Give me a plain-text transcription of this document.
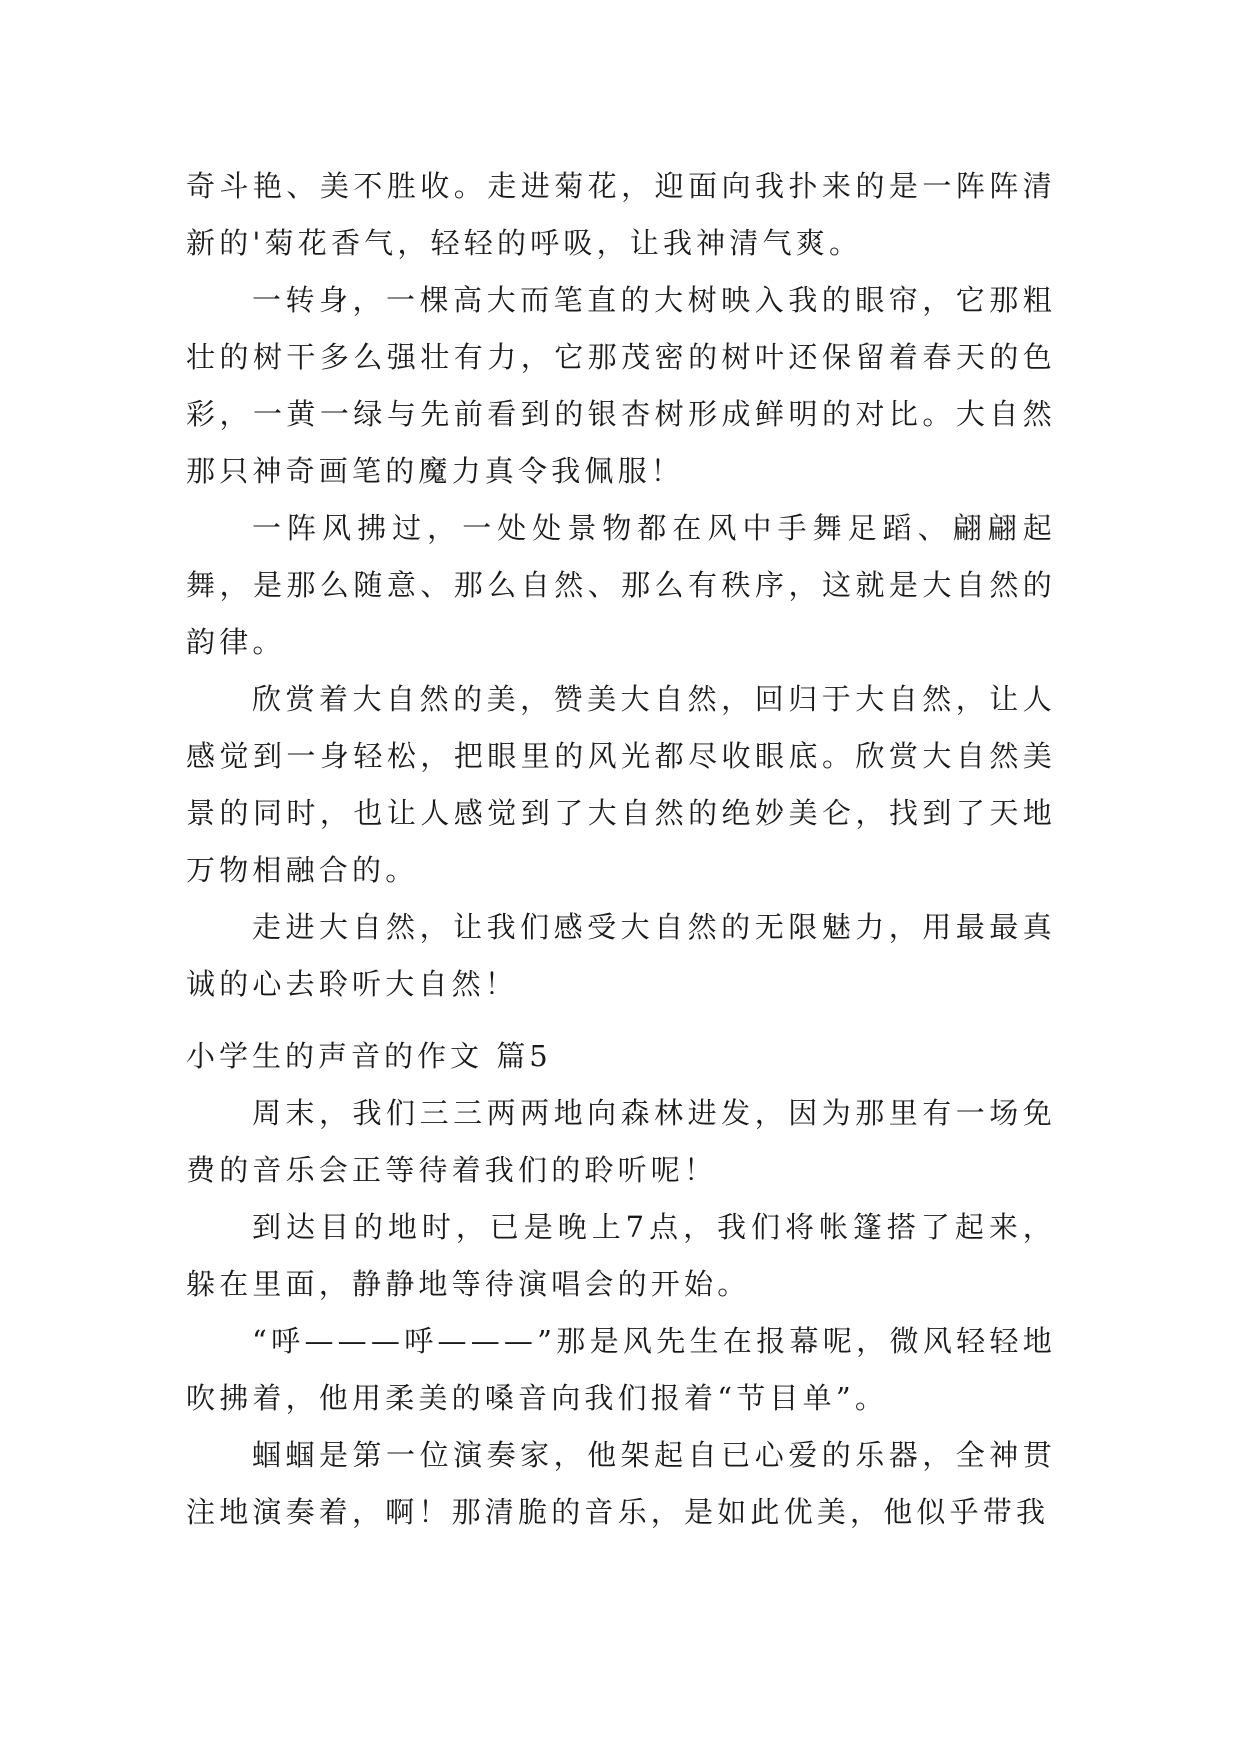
奇斗艳、美不胜收。走进菊花，迎面向我扑来的是一阵阵清新的'菊花香气，轻轻的呼吸，让我神清气爽。

一转身，一棵高大而笔直的大树映入我的眼帘，它那粗壮的树干多么强壮有力，它那茂密的树叶还保留着春天的色彩，一黄一绿与先前看到的银杏树形成鲜明的对比。大自然那只神奇画笔的魔力真令我佩服！

一阵风拂过，一处处景物都在风中手舞足蹈、翩翩起舞，是那么随意、那么自然、那么有秩序，这就是大自然的韵律。

欣赏着大自然的美，赞美大自然，回归于大自然，让人感觉到一身轻松，把眼里的风光都尽收眼底。欣赏大自然美景的同时，也让人感觉到了大自然的绝妙美仑，找到了天地万物相融合的。

走进大自然，让我们感受大自然的无限魅力，用最最真诚的心去聆听大自然！

小学生的声音的作文 篇5

周末，我们三三两两地向森林进发，因为那里有一场免费的音乐会正等待着我们的聆听呢！

到达目的地时，已是晚上7点，我们将帐篷搭了起来，躲在里面，静静地等待演唱会的开始。

“呼———呼———”那是风先生在报幕呢，微风轻轻地吹拂着，他用柔美的嗓音向我们报着“节目单”。

蝈蝈是第一位演奏家，他架起自已心爱的乐器，全神贯注地演奏着，啊！那清脆的音乐，是如此优美，他似乎带我
